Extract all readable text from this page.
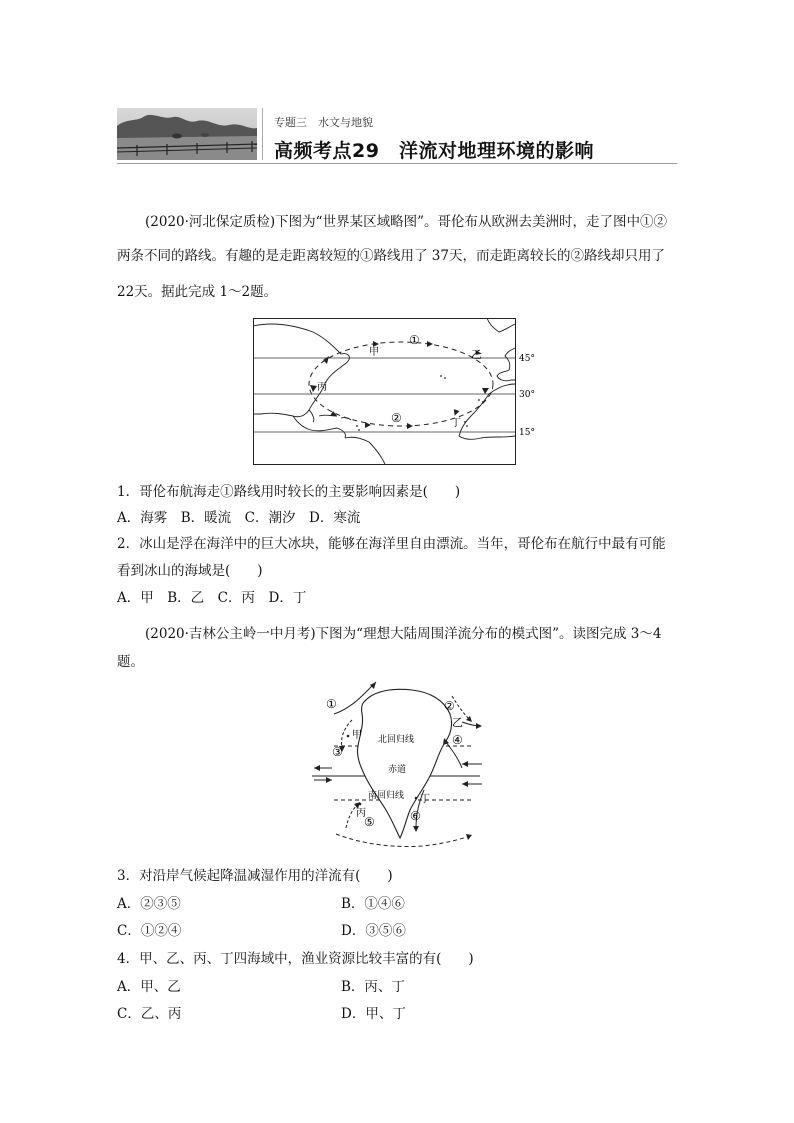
专题三　水文与地貌
高频考点29　洋流对地理环境的影响
(2020·河北保定质检)下图为“世界某区域略图”。哥伦布从欧洲去美洲时，走了图中①②
两条不同的路线。有趣的是走距离较短的①路线用了 37天，而走距离较长的②路线却只用了
22天。据此完成 1～2题。
①
②
甲	乙
丙
丁
45°
30°
15°
1．哥伦布航海走①路线用时较长的主要影响因素是(　　)
A．海雾　B．暖流　C．潮汐　D．寒流
2．冰山是浮在海洋中的巨大冰块，能够在海洋里自由漂流。当年，哥伦布在航行中最有可能
看到冰山的海域是(　　)
A．甲　B．乙　C．丙　D．丁
(2020·吉林公主岭一中月考)下图为“理想大陆周围洋流分布的模式图”。读图完成 3～4
题。
①	②
③
④
⑤	⑥
甲
乙
丙
丁
北回归线
赤道
南回归线
3．对沿岸气候起降温减湿作用的洋流有(　　)
A．②③⑤	B．①④⑥
C．①②④	D．③⑤⑥
4．甲、乙、丙、丁四海域中，渔业资源比较丰富的有(　　)
A．甲、乙	B．丙、丁
C．乙、丙	D．甲、丁
